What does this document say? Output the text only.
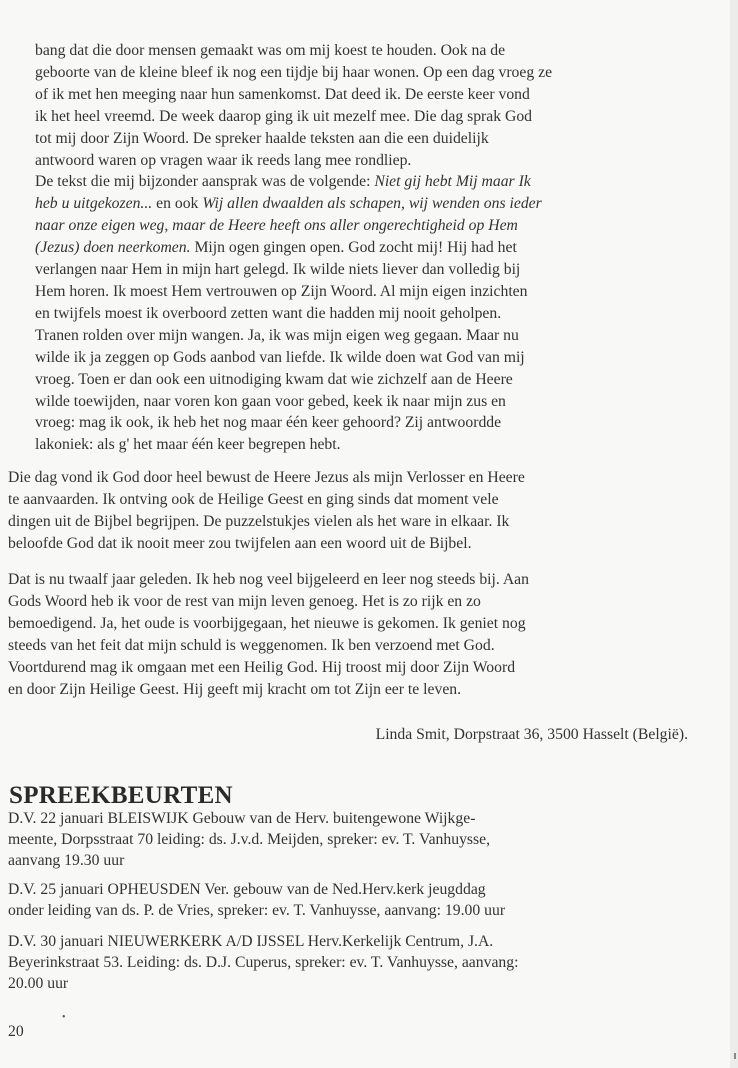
bang dat die door mensen gemaakt was om mij koest te houden. Ook na de
geboorte van de kleine bleef ik nog een tijdje bij haar wonen. Op een dag vroeg ze
of ik met hen meeging naar hun samenkomst. Dat deed ik. De eerste keer vond
ik het heel vreemd. De week daarop ging ik uit mezelf mee. Die dag sprak God
tot mij door Zijn Woord. De spreker haalde teksten aan die een duidelijk
antwoord waren op vragen waar ik reeds lang mee rondliep.
De tekst die mij bijzonder aansprak was de volgende: Niet gij hebt Mij maar Ik
heb u uitgekozen... en ook Wij allen dwaalden als schapen, wij wenden ons ieder
naar onze eigen weg, maar de Heere heeft ons aller ongerechtigheid op Hem
(Jezus) doen neerkomen. Mijn ogen gingen open. God zocht mij! Hij had het
verlangen naar Hem in mijn hart gelegd. Ik wilde niets liever dan volledig bij
Hem horen. Ik moest Hem vertrouwen op Zijn Woord. Al mijn eigen inzichten
en twijfels moest ik overboord zetten want die hadden mij nooit geholpen.
Tranen rolden over mijn wangen. Ja, ik was mijn eigen weg gegaan. Maar nu
wilde ik ja zeggen op Gods aanbod van liefde. Ik wilde doen wat God van mij
vroeg. Toen er dan ook een uitnodiging kwam dat wie zichzelf aan de Heere
wilde toewijden, naar voren kon gaan voor gebed, keek ik naar mijn zus en
vroeg: mag ik ook, ik heb het nog maar één keer gehoord? Zij antwoordde
lakoniek: als g' het maar één keer begrepen hebt.
Die dag vond ik God door heel bewust de Heere Jezus als mijn Verlosser en Heere
te aanvaarden. Ik ontving ook de Heilige Geest en ging sinds dat moment vele
dingen uit de Bijbel begrijpen. De puzzelstukjes vielen als het ware in elkaar. Ik
beloofde God dat ik nooit meer zou twijfelen aan een woord uit de Bijbel.
Dat is nu twaalf jaar geleden. Ik heb nog veel bijgeleerd en leer nog steeds bij. Aan
Gods Woord heb ik voor de rest van mijn leven genoeg. Het is zo rijk en zo
bemoedigend. Ja, het oude is voorbijgegaan, het nieuwe is gekomen. Ik geniet nog
steeds van het feit dat mijn schuld is weggenomen. Ik ben verzoend met God.
Voortdurend mag ik omgaan met een Heilig God. Hij troost mij door Zijn Woord
en door Zijn Heilige Geest. Hij geeft mij kracht om tot Zijn eer te leven.

Linda Smit, Dorpstraat 36, 3500 Hasselt (België).

SPREEKBEURTEN
D.V. 22 januari BLEISWIJK Gebouw van de Herv. buitengewone Wijkge-
meente, Dorpsstraat 70 leiding: ds. J.v.d. Meijden, spreker: ev. T. Vanhuysse,
aanvang 19.30 uur
D.V. 25 januari OPHEUSDEN Ver. gebouw van de Ned.Herv.kerk jeugddag
onder leiding van ds. P. de Vries, spreker: ev. T. Vanhuysse, aanvang: 19.00 uur
D.V. 30 januari NIEUWERKERK A/D IJSSEL Herv.Kerkelijk Centrum, J.A.
Beyerinkstraat 53. Leiding: ds. D.J. Cuperus, spreker: ev. T. Vanhuysse, aanvang:
20.00 uur
•
20
